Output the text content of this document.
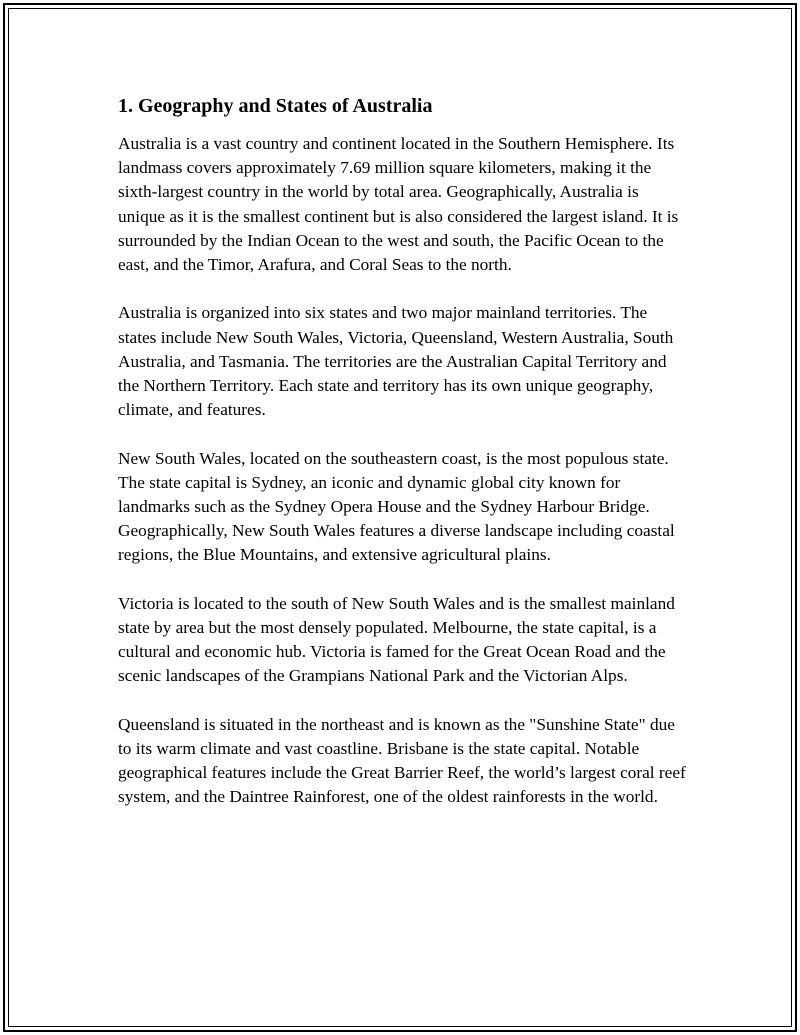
1. Geography and States of Australia

Australia is a vast country and continent located in the Southern Hemisphere. Its landmass covers approximately 7.69 million square kilometers, making it the sixth-largest country in the world by total area. Geographically, Australia is unique as it is the smallest continent but is also considered the largest island. It is surrounded by the Indian Ocean to the west and south, the Pacific Ocean to the east, and the Timor, Arafura, and Coral Seas to the north.

Australia is organized into six states and two major mainland territories. The states include New South Wales, Victoria, Queensland, Western Australia, South Australia, and Tasmania. The territories are the Australian Capital Territory and the Northern Territory. Each state and territory has its own unique geography, climate, and features.

New South Wales, located on the southeastern coast, is the most populous state. The state capital is Sydney, an iconic and dynamic global city known for landmarks such as the Sydney Opera House and the Sydney Harbour Bridge. Geographically, New South Wales features a diverse landscape including coastal regions, the Blue Mountains, and extensive agricultural plains.

Victoria is located to the south of New South Wales and is the smallest mainland state by area but the most densely populated. Melbourne, the state capital, is a cultural and economic hub. Victoria is famed for the Great Ocean Road and the scenic landscapes of the Grampians National Park and the Victorian Alps.

Queensland is situated in the northeast and is known as the "Sunshine State" due to its warm climate and vast coastline. Brisbane is the state capital. Notable geographical features include the Great Barrier Reef, the world’s largest coral reef system, and the Daintree Rainforest, one of the oldest rainforests in the world.
